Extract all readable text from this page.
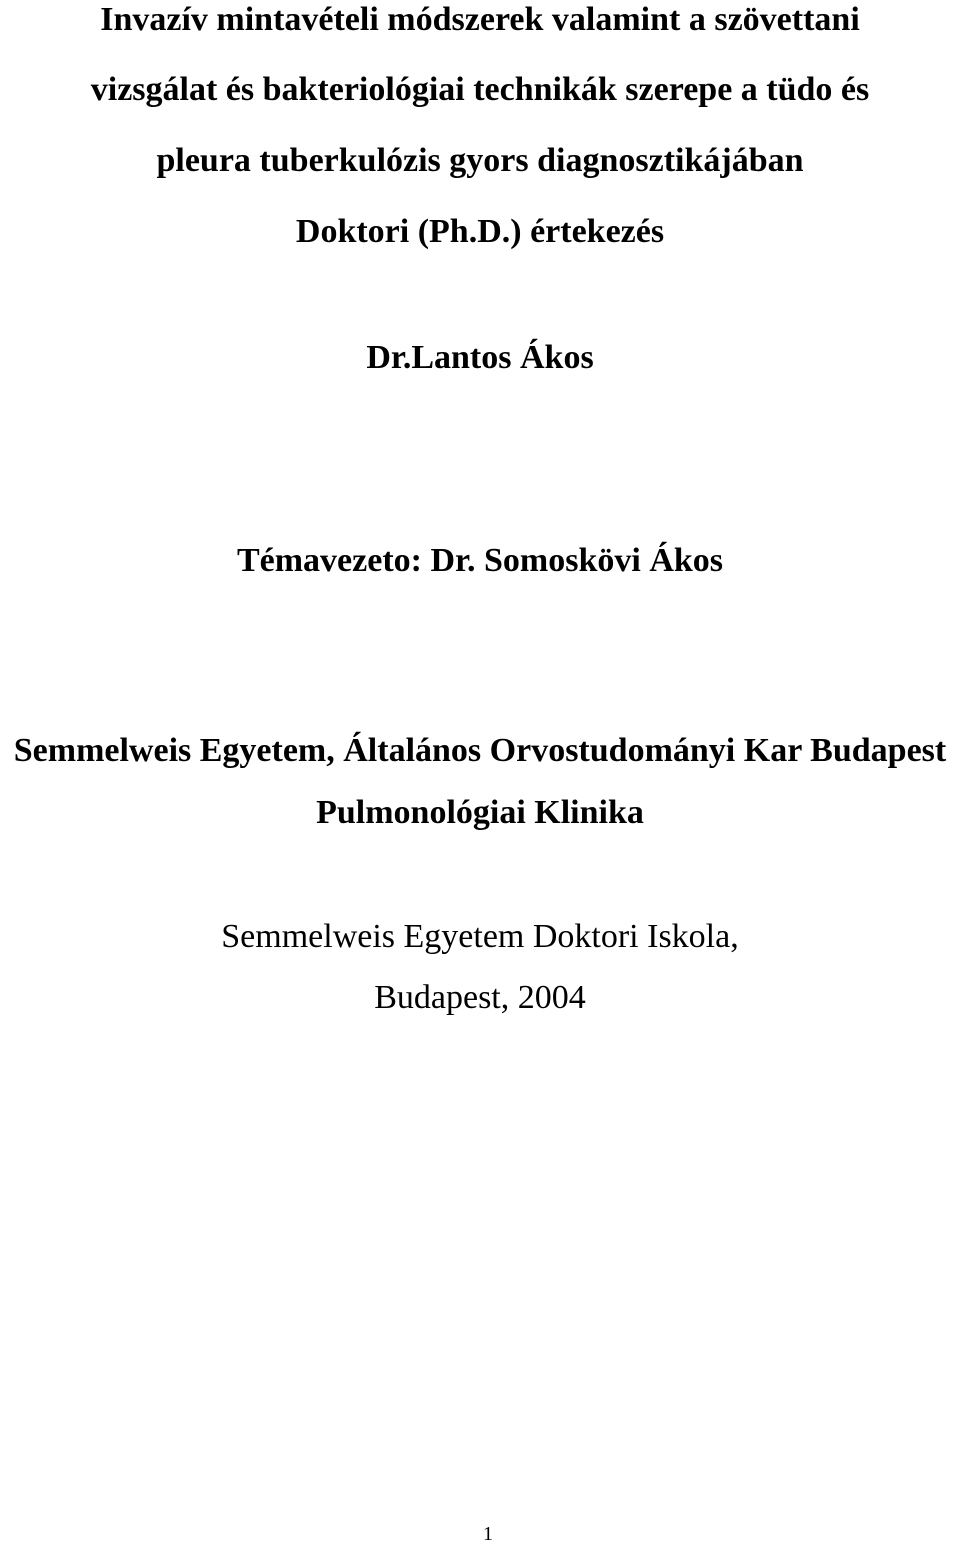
Invazív mintavételi módszerek valamint a szövettani
vizsgálat és bakteriológiai technikák szerepe a tüdo és
pleura tuberkulózis gyors diagnosztikájában
Doktori (Ph.D.) értekezés
Dr.Lantos Ákos
Témavezeto: Dr. Somoskövi Ákos
Semmelweis Egyetem, Általános Orvostudományi Kar Budapest
Pulmonológiai Klinika
Semmelweis Egyetem Doktori Iskola,
Budapest, 2004
1
